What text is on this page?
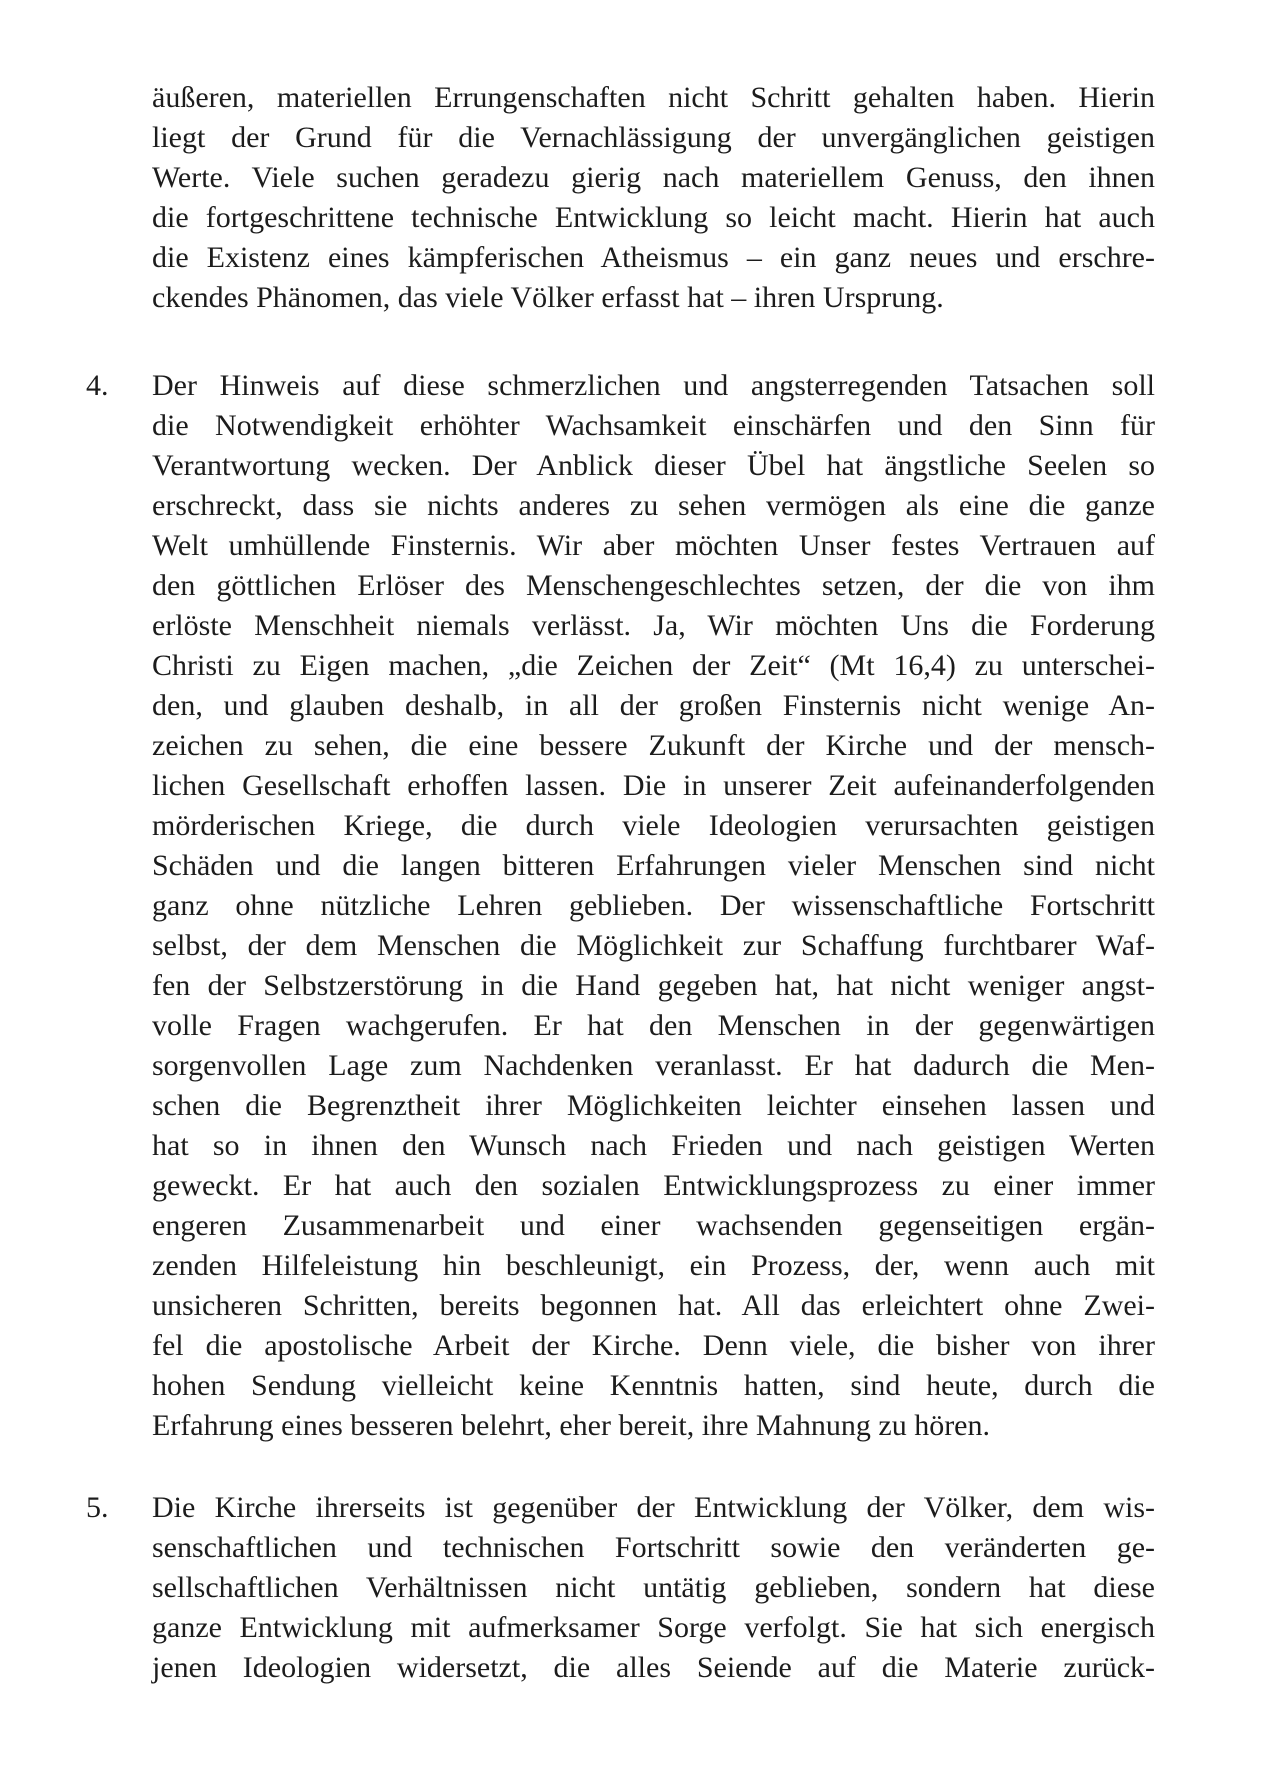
äußeren, materiellen Errungenschaften nicht Schritt gehalten haben. Hierin
liegt der Grund für die Vernachlässigung der unvergänglichen geistigen
Werte. Viele suchen geradezu gierig nach materiellem Genuss, den ihnen
die fortgeschrittene technische Entwicklung so leicht macht. Hierin hat auch
die Existenz eines kämpferischen Atheismus – ein ganz neues und erschre-
ckendes Phänomen, das viele Völker erfasst hat – ihren Ursprung.
4. Der Hinweis auf diese schmerzlichen und angsterregenden Tatsachen soll
die Notwendigkeit erhöhter Wachsamkeit einschärfen und den Sinn für
Verantwortung wecken. Der Anblick dieser Übel hat ängstliche Seelen so
erschreckt, dass sie nichts anderes zu sehen vermögen als eine die ganze
Welt umhüllende Finsternis. Wir aber möchten Unser festes Vertrauen auf
den göttlichen Erlöser des Menschengeschlechtes setzen, der die von ihm
erlöste Menschheit niemals verlässt. Ja, Wir möchten Uns die Forderung
Christi zu Eigen machen, „die Zeichen der Zeit“ (Mt 16,4) zu unterschei-
den, und glauben deshalb, in all der großen Finsternis nicht wenige An-
zeichen zu sehen, die eine bessere Zukunft der Kirche und der mensch-
lichen Gesellschaft erhoffen lassen. Die in unserer Zeit aufeinanderfolgenden
mörderischen Kriege, die durch viele Ideologien verursachten geistigen
Schäden und die langen bitteren Erfahrungen vieler Menschen sind nicht
ganz ohne nützliche Lehren geblieben. Der wissenschaftliche Fortschritt
selbst, der dem Menschen die Möglichkeit zur Schaffung furchtbarer Waf-
fen der Selbstzerstörung in die Hand gegeben hat, hat nicht weniger angst-
volle Fragen wachgerufen. Er hat den Menschen in der gegenwärtigen
sorgenvollen Lage zum Nachdenken veranlasst. Er hat dadurch die Men-
schen die Begrenztheit ihrer Möglichkeiten leichter einsehen lassen und
hat so in ihnen den Wunsch nach Frieden und nach geistigen Werten
geweckt. Er hat auch den sozialen Entwicklungsprozess zu einer immer
engeren Zusammenarbeit und einer wachsenden gegenseitigen ergän-
zenden Hilfeleistung hin beschleunigt, ein Prozess, der, wenn auch mit
unsicheren Schritten, bereits begonnen hat. All das erleichtert ohne Zwei-
fel die apostolische Arbeit der Kirche. Denn viele, die bisher von ihrer
hohen Sendung vielleicht keine Kenntnis hatten, sind heute, durch die
Erfahrung eines besseren belehrt, eher bereit, ihre Mahnung zu hören.
5. Die Kirche ihrerseits ist gegenüber der Entwicklung der Völker, dem wis-
senschaftlichen und technischen Fortschritt sowie den veränderten ge-
sellschaftlichen Verhältnissen nicht untätig geblieben, sondern hat diese
ganze Entwicklung mit aufmerksamer Sorge verfolgt. Sie hat sich energisch
jenen Ideologien widersetzt, die alles Seiende auf die Materie zurück-
